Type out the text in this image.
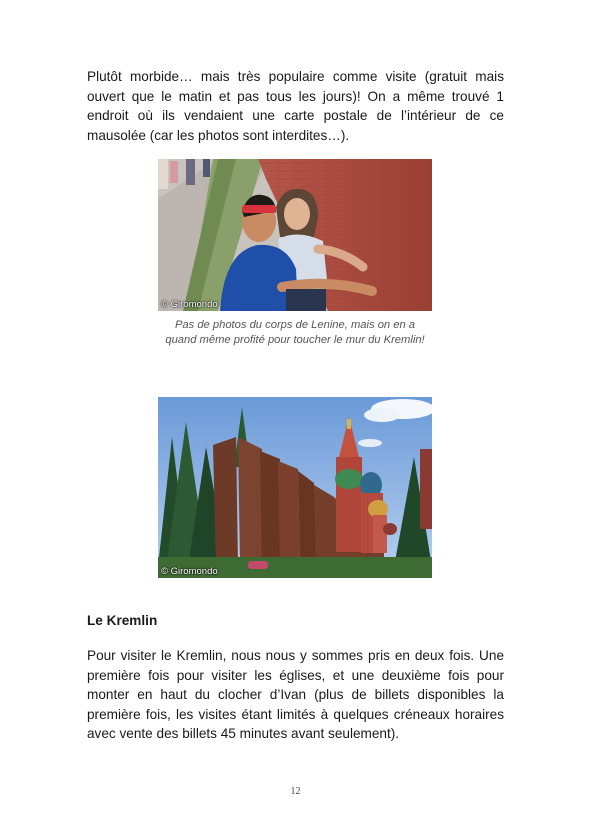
Plutôt morbide… mais très populaire comme visite (gratuit mais ouvert que le matin et pas tous les jours)! On a même trouvé 1 endroit où ils vendaient une carte postale de l’intérieur de ce mausolée (car les photos sont interdites…).

© Giromondo

Pas de photos du corps de Lenine, mais on en a quand même profité pour toucher le mur du Kremlin!

© Giromondo
Le Kremlin

Pour visiter le Kremlin, nous nous y sommes pris en deux fois. Une première fois pour visiter les églises, et une deuxième fois pour monter en haut du clocher d’Ivan (plus de billets disponibles la première fois, les visites étant limités à quelques créneaux horaires avec vente des billets 45 minutes avant seulement).

12
